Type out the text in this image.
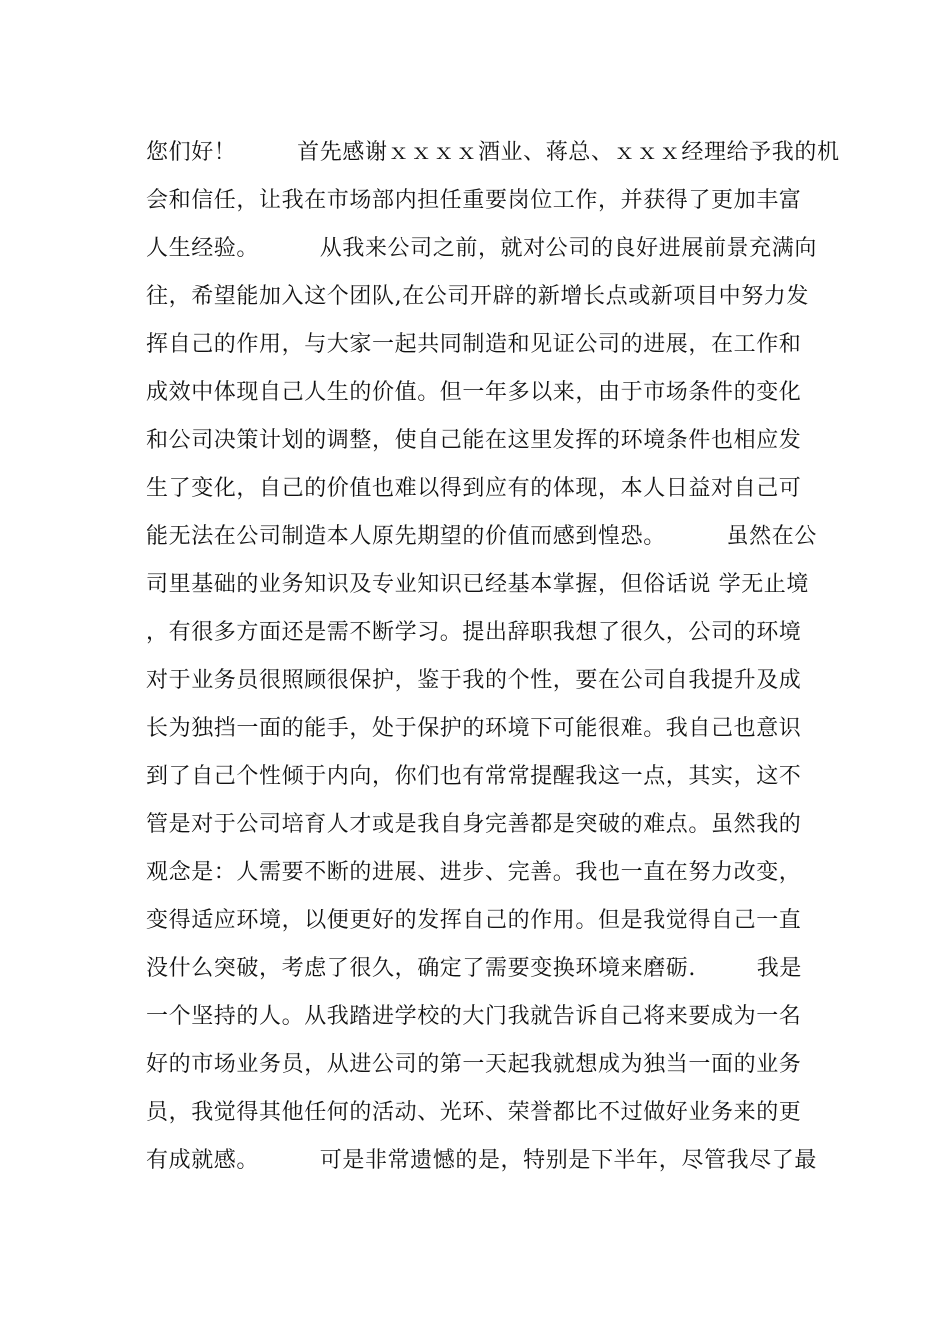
您们好！        首先感谢ｘｘｘｘ酒业、蒋总、ｘｘｘ经理给予我的机
会和信任，让我在市场部内担任重要岗位工作，并获得了更加丰富
人生经验。        从我来公司之前，就对公司的良好进展前景充满向
往，希望能加入这个团队,在公司开辟的新增长点或新项目中努力发
挥自己的作用，与大家一起共同制造和见证公司的进展，在工作和
成效中体现自己人生的价值。但一年多以来，由于市场条件的变化
和公司决策计划的调整，使自己能在这里发挥的环境条件也相应发
生了变化，自己的价值也难以得到应有的体现，本人日益对自己可
能无法在公司制造本人原先期望的价值而感到惶恐。        虽然在公
司里基础的业务知识及专业知识已经基本掌握，但俗话说 学无止境
，有很多方面还是需不断学习。提出辞职我想了很久，公司的环境
对于业务员很照顾很保护，鉴于我的个性，要在公司自我提升及成
长为独挡一面的能手，处于保护的环境下可能很难。我自己也意识
到了自己个性倾于内向，你们也有常常提醒我这一点，其实，这不
管是对于公司培育人才或是我自身完善都是突破的难点。虽然我的
观念是：人需要不断的进展、进步、完善。我也一直在努力改变，
变得适应环境，以便更好的发挥自己的作用。但是我觉得自己一直
没什么突破，考虑了很久，确定了需要变换环境来磨砺.        我是
一个坚持的人。从我踏进学校的大门我就告诉自己将来要成为一名
好的市场业务员，从进公司的第一天起我就想成为独当一面的业务
员，我觉得其他任何的活动、光环、荣誉都比不过做好业务来的更
有成就感。        可是非常遗憾的是，特别是下半年，尽管我尽了最
